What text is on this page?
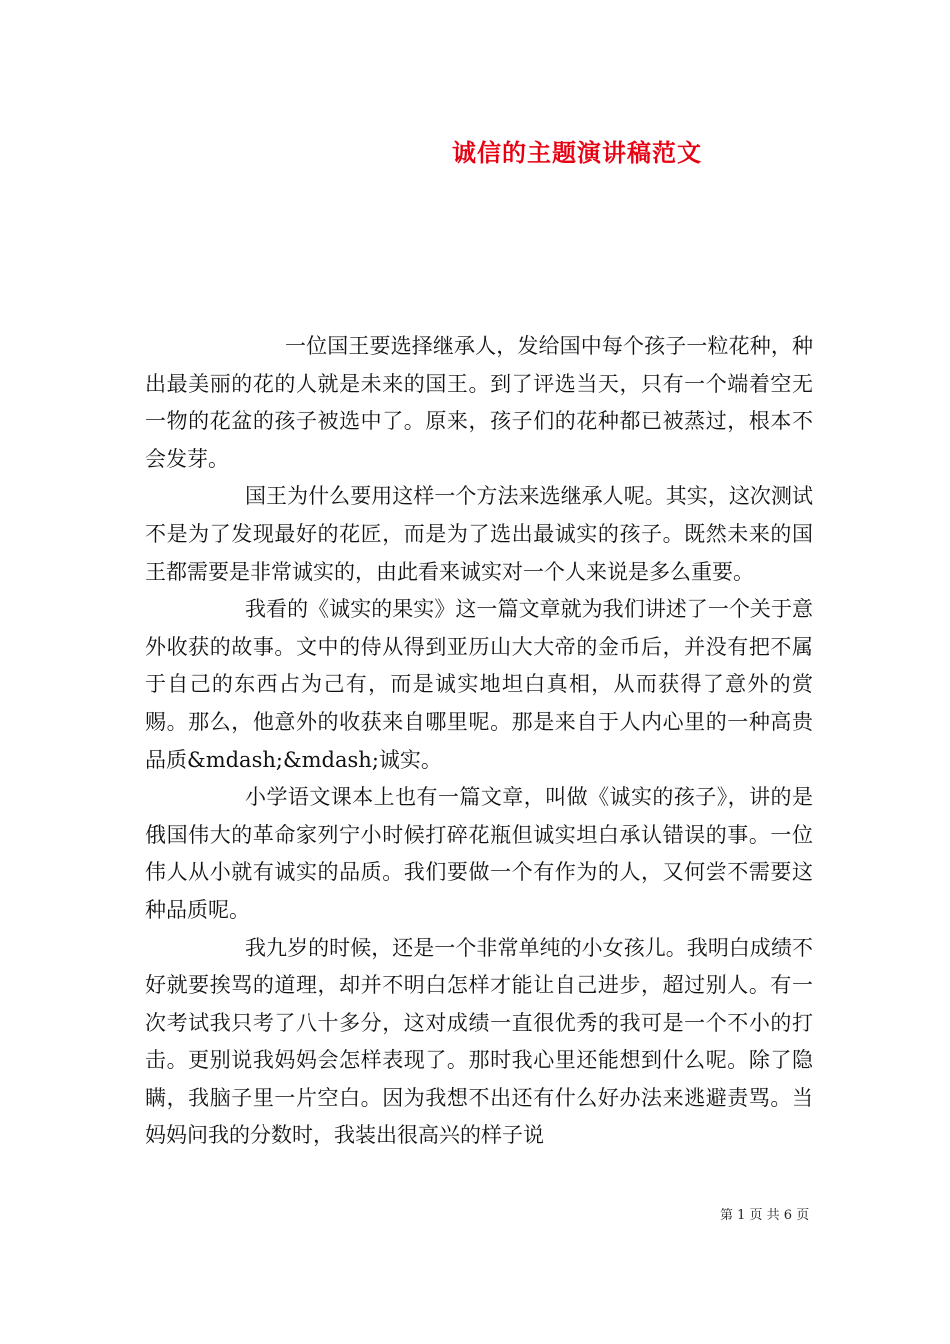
诚信的主题演讲稿范文

一位国王要选择继承人，发给国中每个孩子一粒花种，种出最美丽的花的人就是未来的国王。到了评选当天，只有一个端着空无一物的花盆的孩子被选中了。原来，孩子们的花种都已被蒸过，根本不会发芽。

国王为什么要用这样一个方法来选继承人呢。其实，这次测试不是为了发现最好的花匠，而是为了选出最诚实的孩子。既然未来的国王都需要是非常诚实的，由此看来诚实对一个人来说是多么重要。

我看的《诚实的果实》这一篇文章就为我们讲述了一个关于意外收获的故事。文中的侍从得到亚历山大大帝的金币后，并没有把不属于自己的东西占为己有，而是诚实地坦白真相，从而获得了意外的赏赐。那么，他意外的收获来自哪里呢。那是来自于人内心里的一种高贵品质&mdash;&mdash;诚实。

小学语文课本上也有一篇文章，叫做《诚实的孩子》，讲的是俄国伟大的革命家列宁小时候打碎花瓶但诚实坦白承认错误的事。一位伟人从小就有诚实的品质。我们要做一个有作为的人，又何尝不需要这种品质呢。

我九岁的时候，还是一个非常单纯的小女孩儿。我明白成绩不好就要挨骂的道理，却并不明白怎样才能让自己进步，超过别人。有一次考试我只考了八十多分，这对成绩一直很优秀的我可是一个不小的打击。更别说我妈妈会怎样表现了。那时我心里还能想到什么呢。除了隐瞒，我脑子里一片空白。因为我想不出还有什么好办法来逃避责骂。当妈妈问我的分数时，我装出很高兴的样子说

第 1 页 共 6 页
